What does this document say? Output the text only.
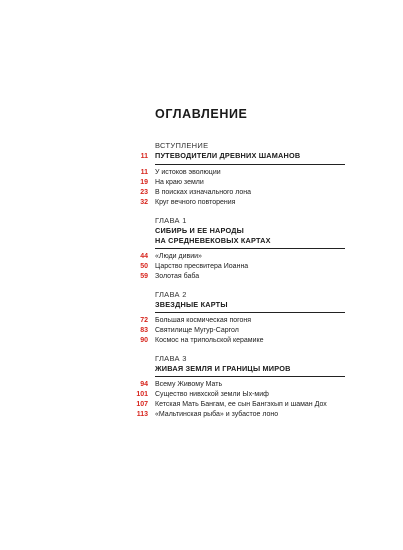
ОГЛАВЛЕНИЕ
ВСТУПЛЕНИЕ
11 ПУТЕВОДИТЕЛИ ДРЕВНИХ ШАМАНОВ
11 У истоков эволюции
19 На краю земли
23 В поисках изначального лона
32 Круг вечного повторения
ГЛАВА 1
СИБИРЬ И ЕЕ НАРОДЫ
НА СРЕДНЕВЕКОВЫХ КАРТАХ
44 «Люди дивии»
50 Царство пресвитера Иоанна
59 Золотая баба
ГЛАВА 2
ЗВЕЗДНЫЕ КАРТЫ
72 Большая космическая погоня
83 Святилище Мугур-Саргол
90 Космос на трипольской керамике
ГЛАВА 3
ЖИВАЯ ЗЕМЛЯ И ГРАНИЦЫ МИРОВ
94 Всему Живому Мать
101 Существо нивхской земли Ых-миф
107 Кетская Мать Бангам, ее сын Бангэхып и шаман Дох
113 «Мальтинская рыба» и зубастое лоно
